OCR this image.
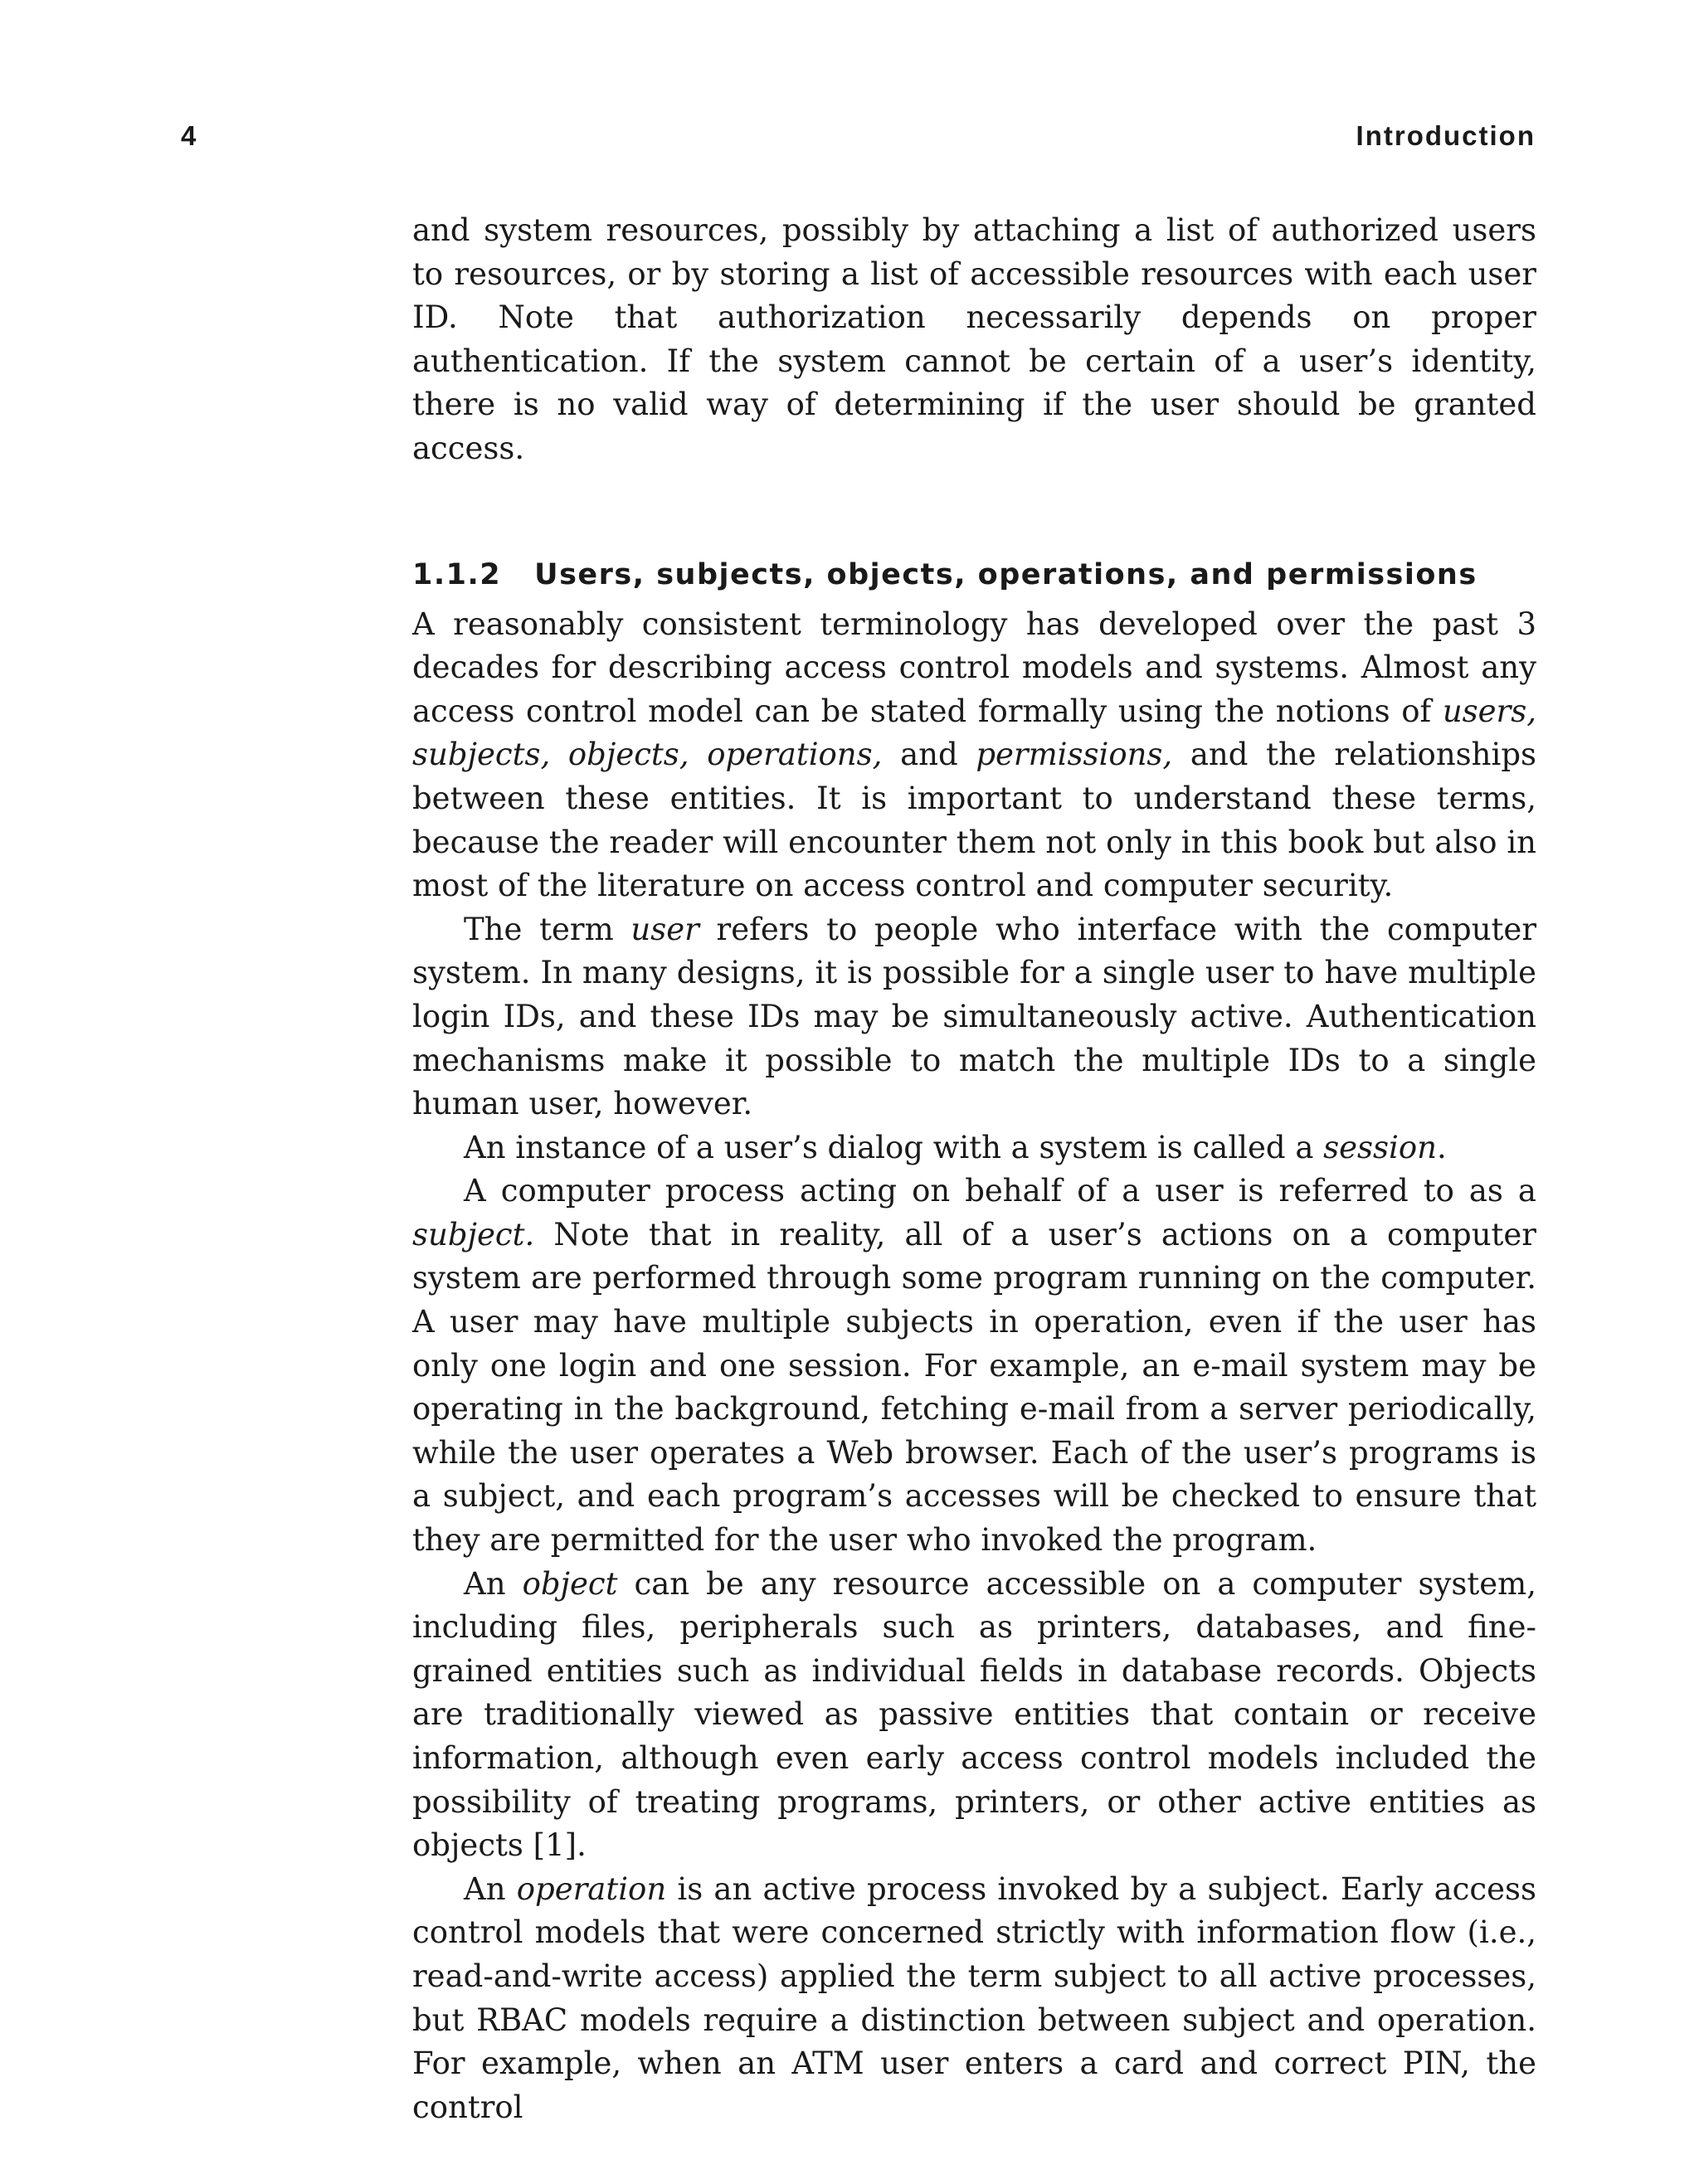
4	Introduction

and system resources, possibly by attaching a list of authorized users to resources, or by storing a list of accessible resources with each user ID. Note that authorization necessarily depends on proper authentication. If the system cannot be certain of a user’s identity, there is no valid way of determining if the user should be granted access.

1.1.2 Users, subjects, objects, operations, and permissions

A reasonably consistent terminology has developed over the past 3 decades for describing access control models and systems. Almost any access control model can be stated formally using the notions of users, subjects, objects, operations, and permissions, and the relationships between these entities. It is important to understand these terms, because the reader will encounter them not only in this book but also in most of the literature on access control and computer security.

The term user refers to people who interface with the computer system. In many designs, it is possible for a single user to have multiple login IDs, and these IDs may be simultaneously active. Authentication mechanisms make it possible to match the multiple IDs to a single human user, however.

An instance of a user’s dialog with a system is called a session.

A computer process acting on behalf of a user is referred to as a subject. Note that in reality, all of a user’s actions on a computer system are performed through some program running on the computer. A user may have multiple subjects in operation, even if the user has only one login and one session. For example, an e-mail system may be operating in the background, fetching e-mail from a server periodically, while the user operates a Web browser. Each of the user’s programs is a subject, and each program’s accesses will be checked to ensure that they are permitted for the user who invoked the program.

An object can be any resource accessible on a computer system, including files, peripherals such as printers, databases, and fine-grained entities such as individual fields in database records. Objects are traditionally viewed as passive entities that contain or receive information, although even early access control models included the possibility of treating programs, printers, or other active entities as objects [1].

An operation is an active process invoked by a subject. Early access control models that were concerned strictly with information flow (i.e., read-and-write access) applied the term subject to all active processes, but RBAC models require a distinction between subject and operation. For example, when an ATM user enters a card and correct PIN, the control
